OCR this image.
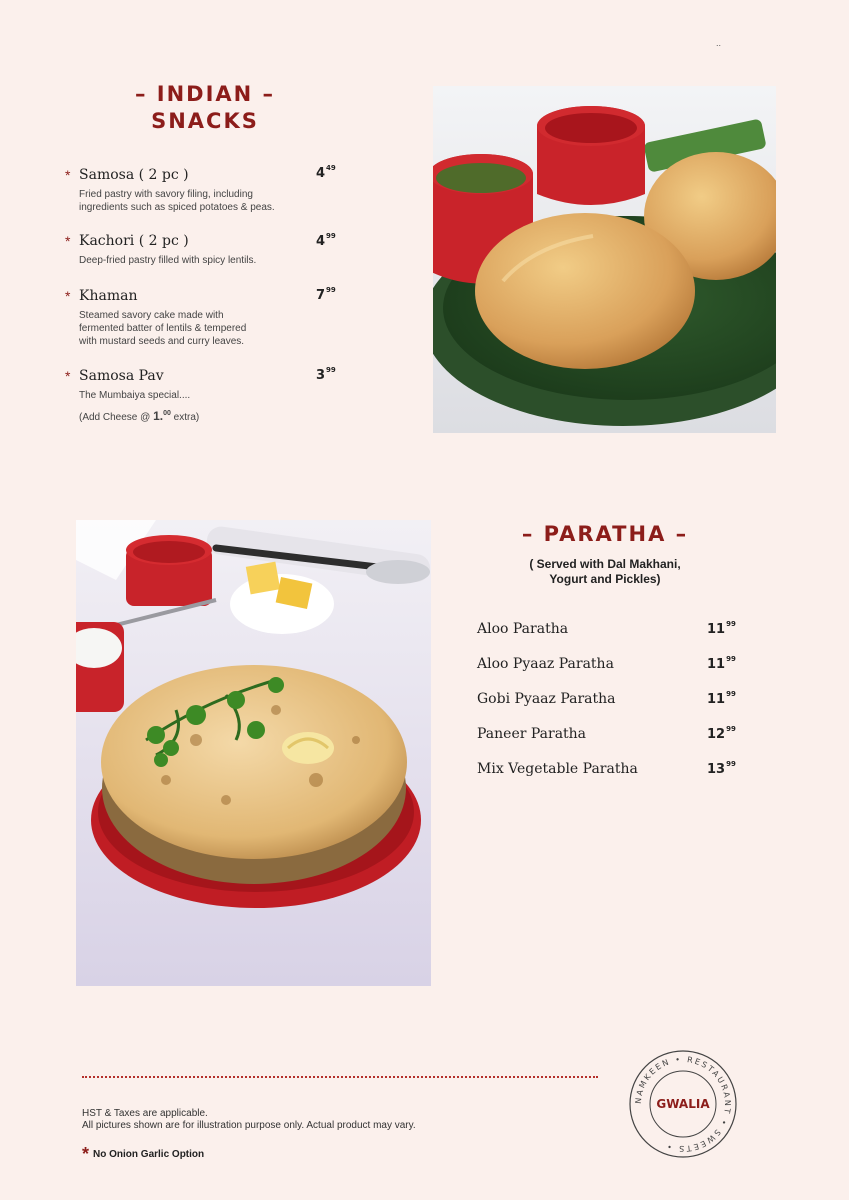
..
– INDIAN –
SNACKS
* Samosa ( 2 pc )
Fried pastry with savory filing, including
ingredients such as spiced potatoes & peas.
$4^{49}$
* Kachori ( 2 pc )
Deep-fried pastry filled with spicy lentils.
$4^{99}$
* Khaman
Steamed savory cake made with
fermented batter of lentils & tempered
with mustard seeds and curry leaves.
$7^{99}$
* Samosa Pav
The Mumbaiya special....
(Add Cheese @ 1.00 extra)
$3^{99}$
– PARATHA –
( Served with Dal Makhani,
Yogurt and Pickles)
Aloo Paratha	$11^{99}$
Aloo Pyaaz Paratha	$11^{99}$
Gobi Pyaaz Paratha	$11^{99}$
Paneer Paratha	$12^{99}$
Mix Vegetable Paratha	$13^{99}$
HST & Taxes are applicable.
All pictures shown are for illustration purpose only. Actual product may vary.
* No Onion Garlic Option
NAMKEEN • RESTAURANT • SWEETS •
GWALIA
